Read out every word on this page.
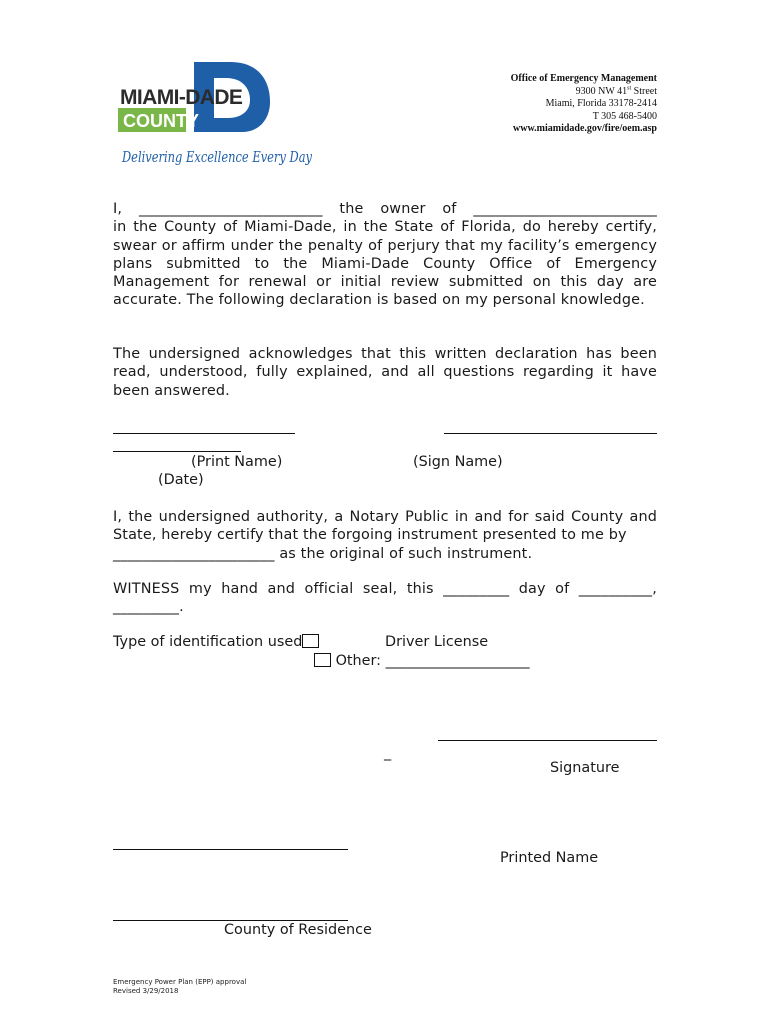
MIAMI-DADE
COUNTY
Delivering Excellence Every Day
Office of Emergency Management
9300 NW 41st Street
Miami, Florida 33178-2414
T 305 468-5400
www.miamidade.gov/fire/oem.asp
I, _________________________ the owner of _________________________
in the County of Miami-Dade, in the State of Florida, do hereby certify, swear or affirm under the penalty of perjury that my facility’s emergency plans submitted to the Miami-Dade County Office of Emergency Management for renewal or initial review submitted on this day are accurate. The following declaration is based on my personal knowledge.
The undersigned acknowledges that this written declaration has been read, understood, fully explained, and all questions regarding it have been answered.
(Print Name)	(Sign Name)
(Date)
I, the undersigned authority, a Notary Public in and for said County and State, hereby certify that the forgoing instrument presented to me by
______________________ as the original of such instrument.
WITNESS my hand and official seal, this _________ day of __________,
_________.
Type of identification used	Driver License
Other: ____________________
_
Signature
Printed Name
County of Residence
Emergency Power Plan (EPP) approval
Revised 3/29/2018
